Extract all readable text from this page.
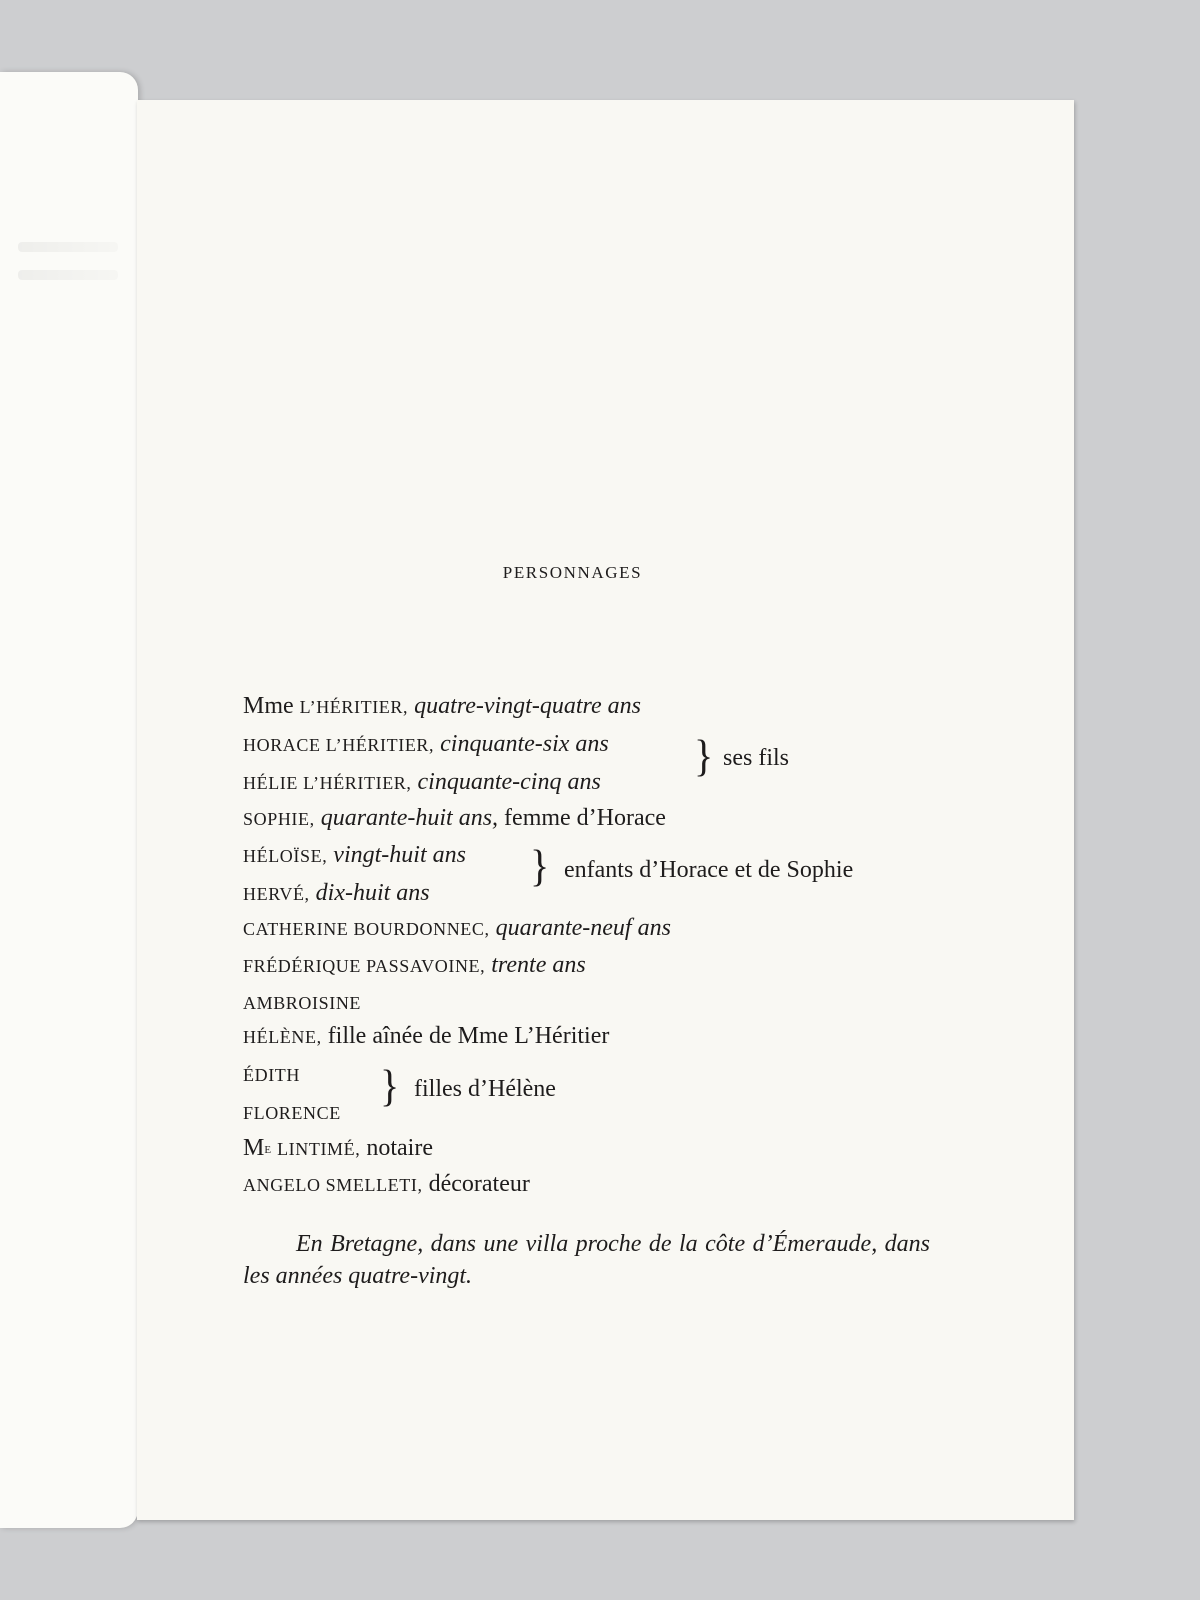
PERSONNAGES
Mme L’HÉRITIER, quatre-vingt-quatre ans
HORACE L’HÉRITIER, cinquante-six ans
HÉLIE L’HÉRITIER, cinquante-cinq ans
} ses fils
SOPHIE, quarante-huit ans, femme d’Horace
HÉLOÏSE, vingt-huit ans
HERVÉ, dix-huit ans
} enfants d’Horace et de Sophie
CATHERINE BOURDONNEC, quarante-neuf ans
FRÉDÉRIQUE PASSAVOINE, trente ans
AMBROISINE
HÉLÈNE, fille aînée de Mme L’Héritier
ÉDITH
FLORENCE
} filles d’Hélène
$M^E$ LINTIMÉ, notaire
ANGELO SMELLETI, décorateur
En Bretagne, dans une villa proche de la côte d’Émeraude, dans les années quatre-vingt.
